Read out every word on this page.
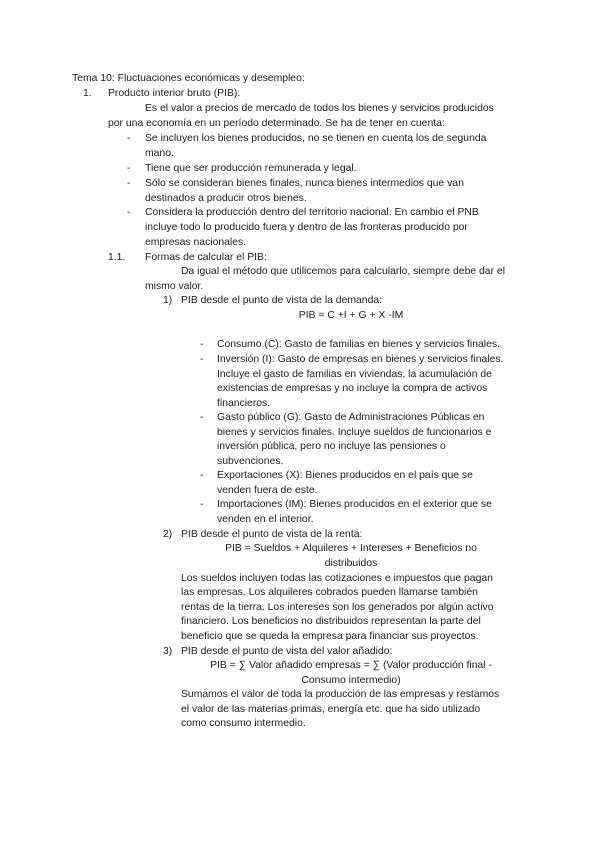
Tema 10: Fluctuaciones económicas y desempleo:
1. Producto interior bruto (PIB):
Es el valor a precios de mercado de todos los bienes y servicios producidos
por una economía en un período determinado. Se ha de tener en cuenta:
- Se incluyen los bienes producidos, no se tienen en cuenta los de segunda
mano.
- Tiene que ser producción remunerada y legal.
- Sólo se consideran bienes finales, nunca bienes intermedios que van
destinados a producir otros bienes.
- Considera la producción dentro del territorio nacional. En cambio el PNB
incluye todo lo producido fuera y dentro de las fronteras producido por
empresas nacionales.
1.1. Formas de calcular el PIB:
Da igual el método que utilicemos para calcularlo, siempre debe dar el
mismo valor.
1) PIB desde el punto de vista de la demanda:
PIB = C +I + G + X -IM
- Consumo (C): Gasto de familias en bienes y servicios finales.
- Inversión (I): Gasto de empresas en bienes y servicios finales.
Incluye el gasto de familias en viviendas, la acumulación de
existencias de empresas y no incluye la compra de activos
financieros.
- Gasto público (G): Gasto de Administraciones Públicas en
bienes y servicios finales. Incluye sueldos de funcionarios e
inversión pública, pero no incluye las pensiones o
subvenciones.
- Exportaciones (X): Bienes producidos en el país que se
venden fuera de este.
- Importaciones (IM): Bienes producidos en el exterior que se
venden en el interior.
2) PIB desde el punto de vista de la renta:
PIB = Sueldos + Alquileres + Intereses + Beneficios no
distribuidos
Los sueldos incluyen todas las cotizaciones e impuestos que pagan
las empresas. Los alquileres cobrados pueden llamarse también
rentas de la tierra. Los intereses son los generados por algún activo
financiero. Los beneficios no distribuidos representan la parte del
beneficio que se queda la empresa para financiar sus proyectos.
3) PIB desde el punto de vista del valor añadido:
PIB = ∑ Valor añadido empresas = ∑ (Valor producción final -
Consumo intermedio)
Sumamos el valor de toda la producción de las empresas y restamos
el valor de las materias primas, energía etc. que ha sido utilizado
como consumo intermedio.
